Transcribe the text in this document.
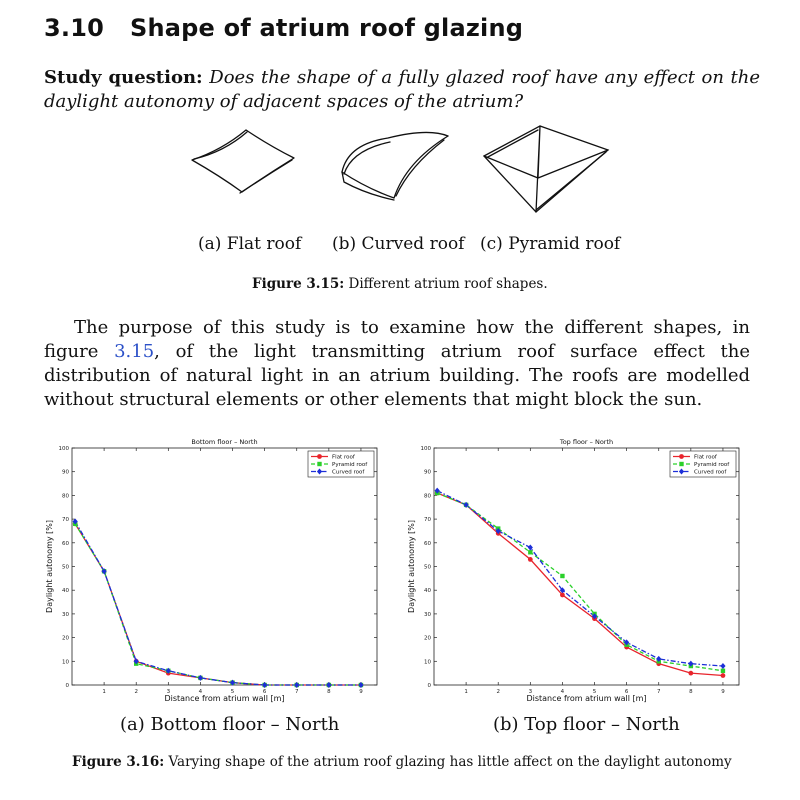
3.10 Shape of atrium roof glazing
Study question: Does the shape of a fully glazed roof have any effect on the daylight autonomy of adjacent spaces of the atrium?
(a) Flat roof (b) Curved roof (c) Pyramid roof
Figure 3.15: Different atrium roof shapes.
The purpose of this study is to examine how the different shapes, in figure 3.15, of the light transmitting atrium roof surface effect the distribution of natural light in an atrium building. The roofs are modelled without structural elements or other elements that might block the sun.
Bottom floor – North
0
10
20
30
40
50
60
70
80
90
100
1	2	3	4	5	6	7	8	9
Distance from atrium wall [m]
Daylight autonomy [%]
Flat roof
Pyramid roof
Curved roof
Top floor – North
0
10
20
30
40
50
60
70
80
90
100
1	2	3	4	5	6	7	8	9
Distance from atrium wall [m]
Daylight autonomy [%]
Flat roof
Pyramid roof
Curved roof
(a) Bottom floor – North	(b) Top floor – North
Figure 3.16: Varying shape of the atrium roof glazing has little affect on the daylight autonomy
